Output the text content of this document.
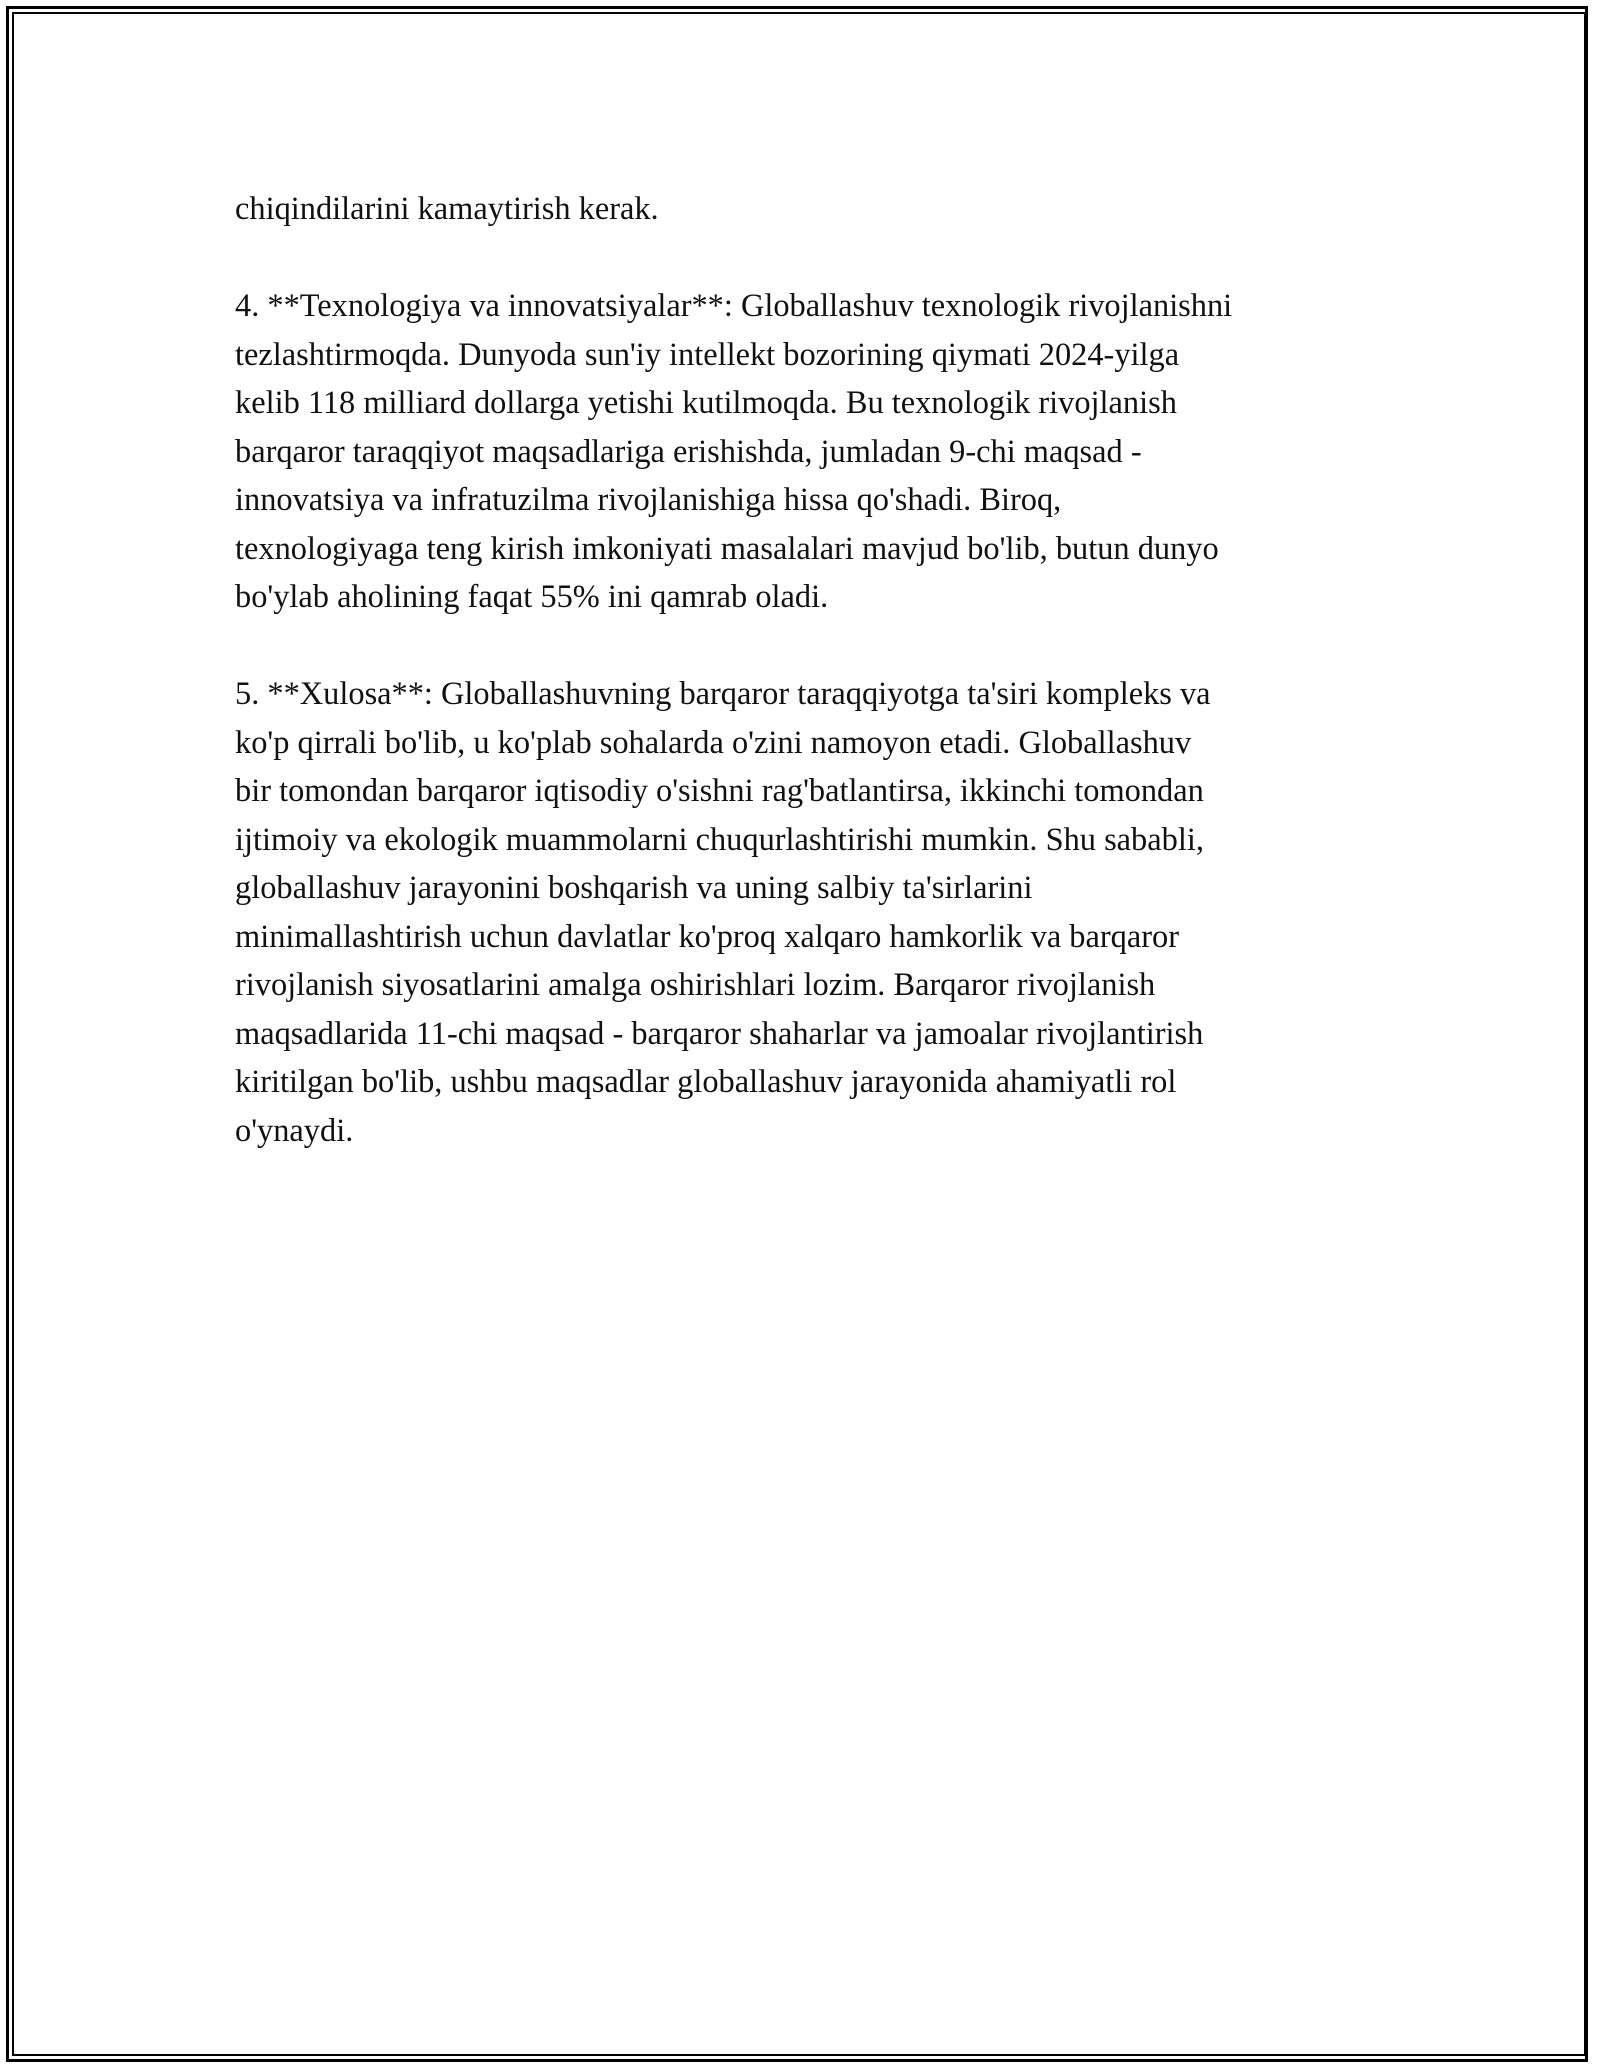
chiqindilarini kamaytirish kerak.

4. **Texnologiya va innovatsiyalar**: Globallashuv texnologik rivojlanishni
tezlashtirmoqda. Dunyoda sun'iy intellekt bozorining qiymati 2024-yilga
kelib 118 milliard dollarga yetishi kutilmoqda. Bu texnologik rivojlanish
barqaror taraqqiyot maqsadlariga erishishda, jumladan 9-chi maqsad -
innovatsiya va infratuzilma rivojlanishiga hissa qo'shadi. Biroq,
texnologiyaga teng kirish imkoniyati masalalari mavjud bo'lib, butun dunyo
bo'ylab aholining faqat 55% ini qamrab oladi.

5. **Xulosa**: Globallashuvning barqaror taraqqiyotga ta'siri kompleks va
ko'p qirrali bo'lib, u ko'plab sohalarda o'zini namoyon etadi. Globallashuv
bir tomondan barqaror iqtisodiy o'sishni rag'batlantirsa, ikkinchi tomondan
ijtimoiy va ekologik muammolarni chuqurlashtirishi mumkin. Shu sababli,
globallashuv jarayonini boshqarish va uning salbiy ta'sirlarini
minimallashtirish uchun davlatlar ko'proq xalqaro hamkorlik va barqaror
rivojlanish siyosatlarini amalga oshirishlari lozim. Barqaror rivojlanish
maqsadlarida 11-chi maqsad - barqaror shaharlar va jamoalar rivojlantirish
kiritilgan bo'lib, ushbu maqsadlar globallashuv jarayonida ahamiyatli rol
o'ynaydi.
